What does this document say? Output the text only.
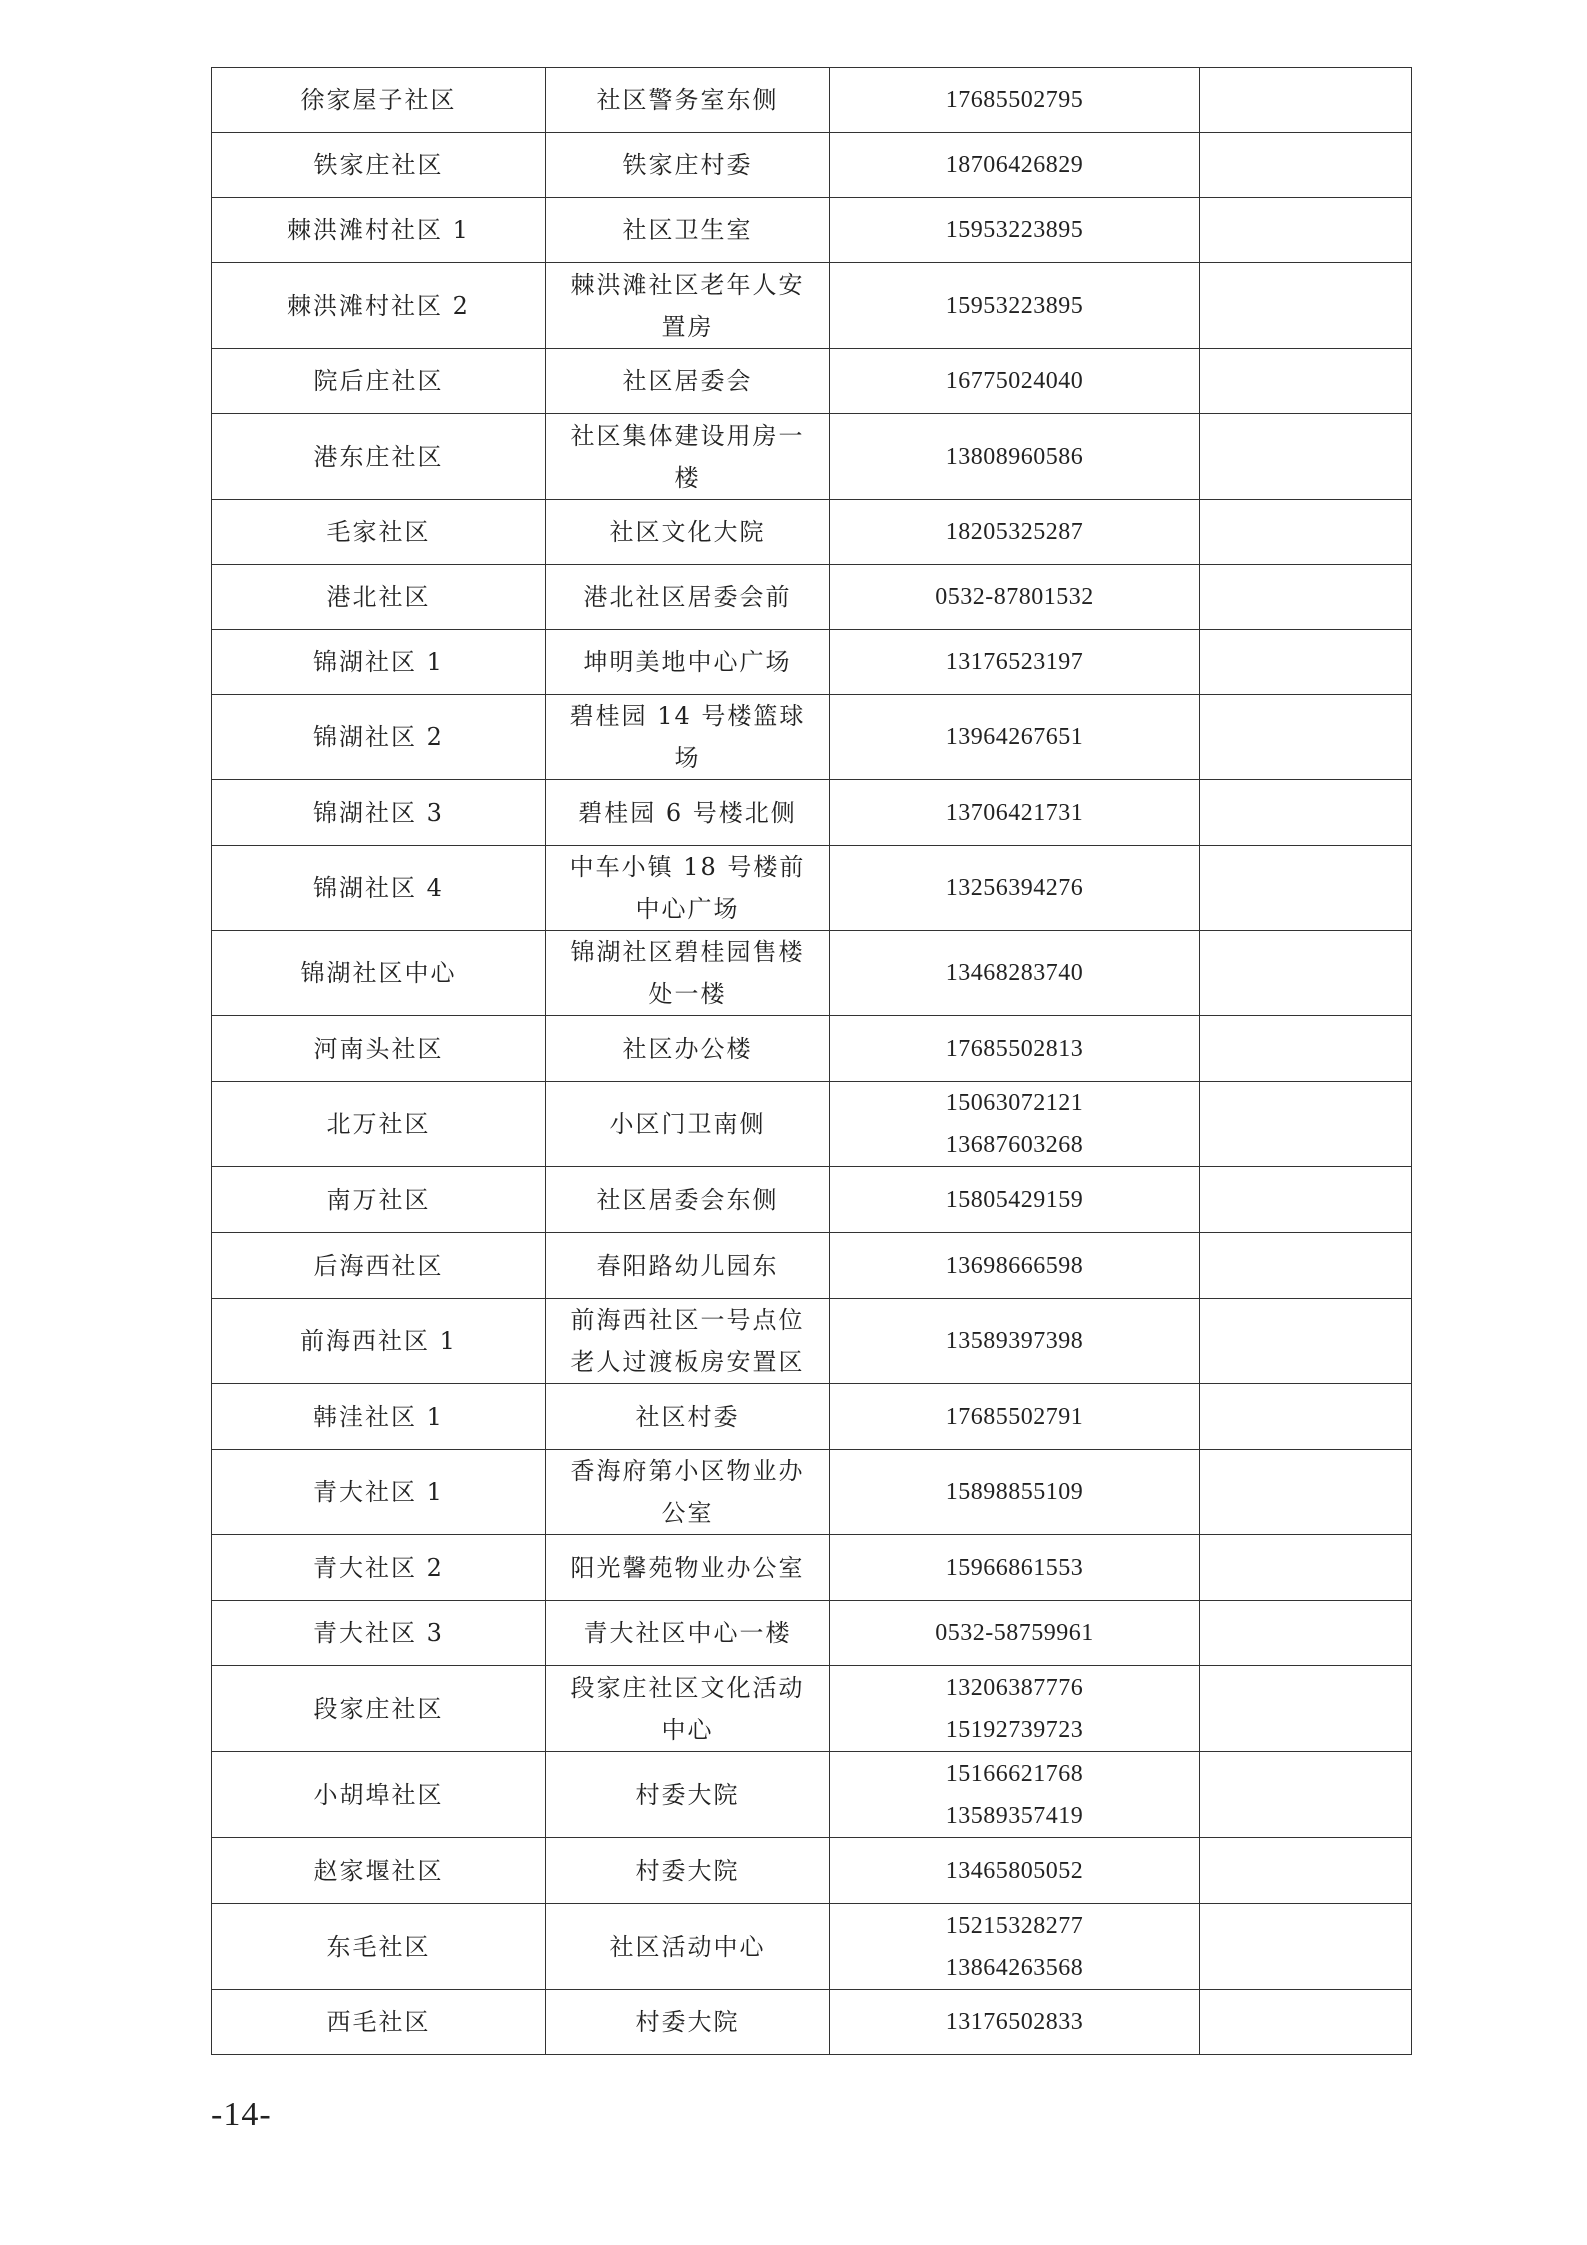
徐家屋子社区	社区警务室东侧	17685502795	

铁家庄社区	铁家庄村委	18706426829	

棘洪滩村社区 1	社区卫生室	15953223895	

棘洪滩村社区 2	棘洪滩社区老年人安置房	15953223895	

院后庄社区	社区居委会	16775024040	

港东庄社区	社区集体建设用房一楼	13808960586	

毛家社区	社区文化大院	18205325287	

港北社区	港北社区居委会前	0532-87801532	

锦湖社区 1	坤明美地中心广场	13176523197	

锦湖社区 2	碧桂园 14 号楼篮球场	13964267651	

锦湖社区 3	碧桂园 6 号楼北侧	13706421731	

锦湖社区 4	中车小镇 18 号楼前中心广场	13256394276	

锦湖社区中心	锦湖社区碧桂园售楼处一楼	13468283740	

河南头社区	社区办公楼	17685502813	

北万社区	小区门卫南侧	15063072121
13687603268	

南万社区	社区居委会东侧	15805429159	

后海西社区	春阳路幼儿园东	13698666598	

前海西社区 1	前海西社区一号点位老人过渡板房安置区	13589397398	

韩洼社区 1	社区村委	17685502791	

青大社区 1	香海府第小区物业办公室	15898855109	

青大社区 2	阳光馨苑物业办公室	15966861553	

青大社区 3	青大社区中心一楼	0532-58759961	

段家庄社区	段家庄社区文化活动中心	13206387776
15192739723	

小胡埠社区	村委大院	15166621768
13589357419	

赵家堰社区	村委大院	13465805052	

东毛社区	社区活动中心	15215328277
13864263568	

西毛社区	村委大院	13176502833	

-14-
